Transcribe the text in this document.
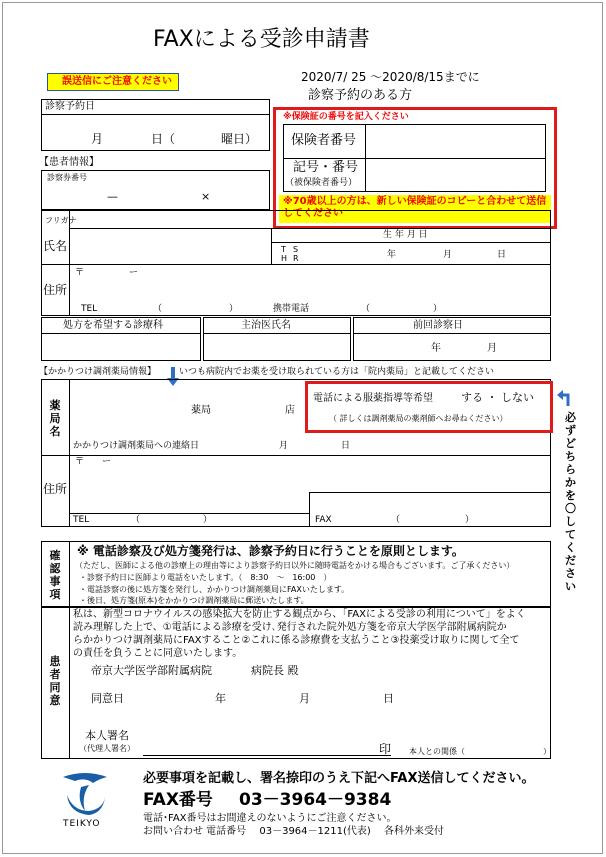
FAXによる受診申請書
誤送信にご注意ください	2020/7/ 25 〜2020/8/15までに
診察予約のある方
診察予約日
月	日（	曜日）
※保険証の番号を記入ください
保険者番号
記号・番号
（被保険者番号）
※70歳以上の方は、新しい保険証のコピーと合わせて送信してください
【患者情報】
診察券番号
—	×
フリガナ
氏名
生 年 月 日
T S
H R	年	月	日
住所
〒　　　　　ー
TEL	（	）	携帯電話	（	）
処方を希望する診療科	主治医氏名	前回診察日
年	月
【かかりつけ調剤薬局情報】	いつも病院内でお薬を受け取られている方は「院内薬局」と記載してください
薬局名
薬局	店
かかりつけ調剤薬局への連絡日	月	日
電話による服薬指導等希望	する ・ しない
（ 詳しくは調剤薬局の薬剤師へお尋ねください）	必ずどちらかを〇してください
住所
〒　　ー
TEL	（	）	FAX	（	）
確認事項
※ 電話診察及び処方箋発行は、診察予約日に行うことを原則とします。
（ただし、医師による他の診療上の理由等により診察予約日以外に随時電話をかける場合もございます。ご了承ください）
・診察予約日に医師より電話をいたします。（　8:30　〜　16:00　）
・電話診察の後に処方箋を発行し、かかりつけ調剤薬局にFAXいたします。
・後日、処方箋(原本)をかかりつけ調剤薬局に郵送いたします。
患者同意
私は、新型コロナウイルスの感染拡大を防止する観点から、「FAXによる受診の利用について」をよく
読み理解した上で、①電話による診療を受け､発行された院外処方箋を帝京大学医学部附属病院か
らかかりつけ調剤薬局にFAXすること②これに係る診療費を支払うこと③投薬受け取りに関して全て
の責任を負うことに同意いたします。
帝京大学医学部附属病院	病院長 殿
同意日	年	月	日
本人署名
（代理人署名）	印 本人との関係（	）
TEIKYO
必要事項を記載し、署名捺印のうえ下記へFAX送信してください。
FAX番号 03－3964－9384
電話･FAX番号はお間違えのないようにご注意ください。
お問い合わせ 電話番号　 03－3964－1211(代表)　 各科外来受付
